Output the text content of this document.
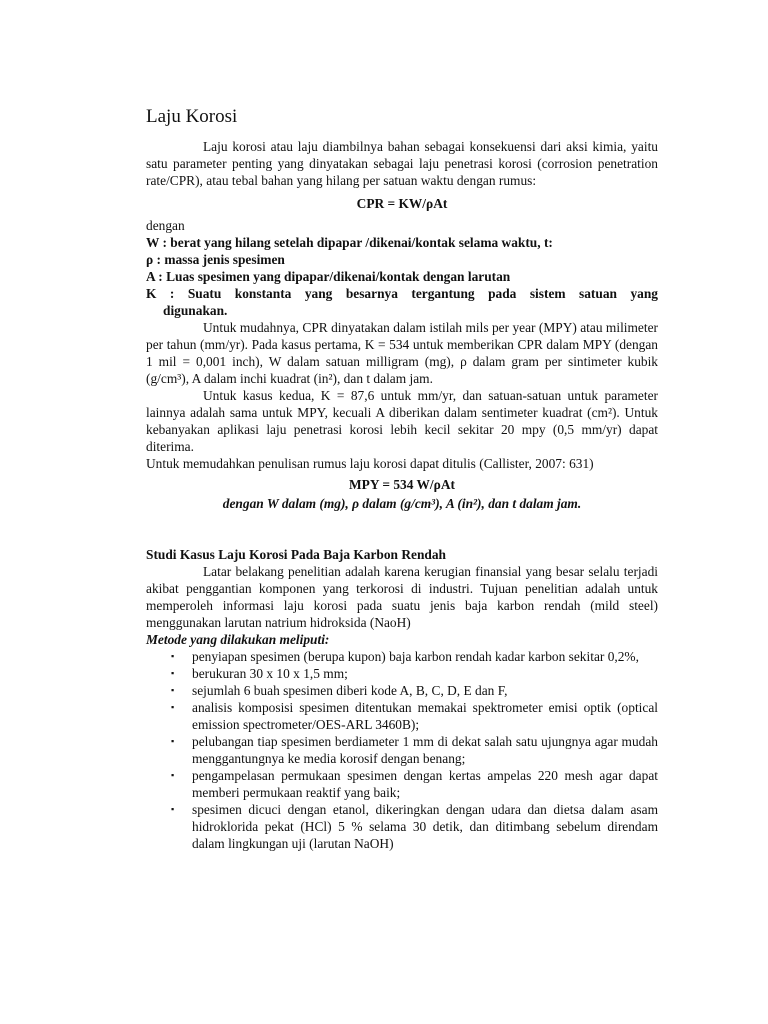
Laju Korosi

Laju korosi atau laju diambilnya bahan sebagai konsekuensi dari aksi kimia, yaitu satu parameter penting yang dinyatakan sebagai laju penetrasi korosi (corrosion penetration rate/CPR), atau tebal bahan yang hilang per satuan waktu dengan rumus:

CPR = KW/ρAt

dengan

W : berat yang hilang setelah dipapar /dikenai/kontak selama waktu, t:

ρ : massa jenis spesimen

A : Luas spesimen yang dipapar/dikenai/kontak dengan larutan

K : Suatu konstanta yang besarnya tergantung pada sistem satuan yang

digunakan.

Untuk mudahnya, CPR dinyatakan dalam istilah mils per year (MPY) atau milimeter per tahun (mm/yr). Pada kasus pertama, K = 534 untuk memberikan CPR dalam MPY (dengan 1 mil = 0,001 inch), W dalam satuan milligram (mg), ρ dalam gram per sintimeter kubik (g/cm³), A dalam inchi kuadrat (in²), dan t dalam jam.

Untuk kasus kedua, K = 87,6 untuk mm/yr, dan satuan-satuan untuk parameter lainnya adalah sama untuk MPY, kecuali A diberikan dalam sentimeter kuadrat (cm²). Untuk kebanyakan aplikasi laju penetrasi korosi lebih kecil sekitar 20 mpy (0,5 mm/yr) dapat diterima.

Untuk memudahkan penulisan rumus laju korosi dapat ditulis (Callister, 2007: 631)

MPY = 534 W/ρAt

dengan W dalam (mg), ρ dalam (g/cm³), A (in²), dan t dalam jam.

Studi Kasus Laju Korosi Pada Baja Karbon Rendah

Latar belakang penelitian adalah karena kerugian finansial yang besar selalu terjadi akibat penggantian komponen yang terkorosi di industri. Tujuan penelitian adalah untuk memperoleh informasi laju korosi pada suatu jenis baja karbon rendah (mild steel) menggunakan larutan natrium hidroksida (NaoH)

Metode yang dilakukan meliputi:

▪ penyiapan spesimen (berupa kupon) baja karbon rendah kadar karbon sekitar 0,2%,
▪ berukuran 30 x 10 x 1,5 mm;
▪ sejumlah 6 buah spesimen diberi kode A, B, C, D, E dan F,
▪ analisis komposisi spesimen ditentukan memakai spektrometer emisi optik (optical emission spectrometer/OES-ARL 3460B);
▪ pelubangan tiap spesimen berdiameter 1 mm di dekat salah satu ujungnya agar mudah menggantungnya ke media korosif dengan benang;
▪ pengampelasan permukaan spesimen dengan kertas ampelas 220 mesh agar dapat memberi permukaan reaktif yang baik;
▪ spesimen dicuci dengan etanol, dikeringkan dengan udara dan dietsa dalam asam hidroklorida pekat (HCl) 5 % selama 30 detik, dan ditimbang sebelum direndam dalam lingkungan uji (larutan NaOH)
